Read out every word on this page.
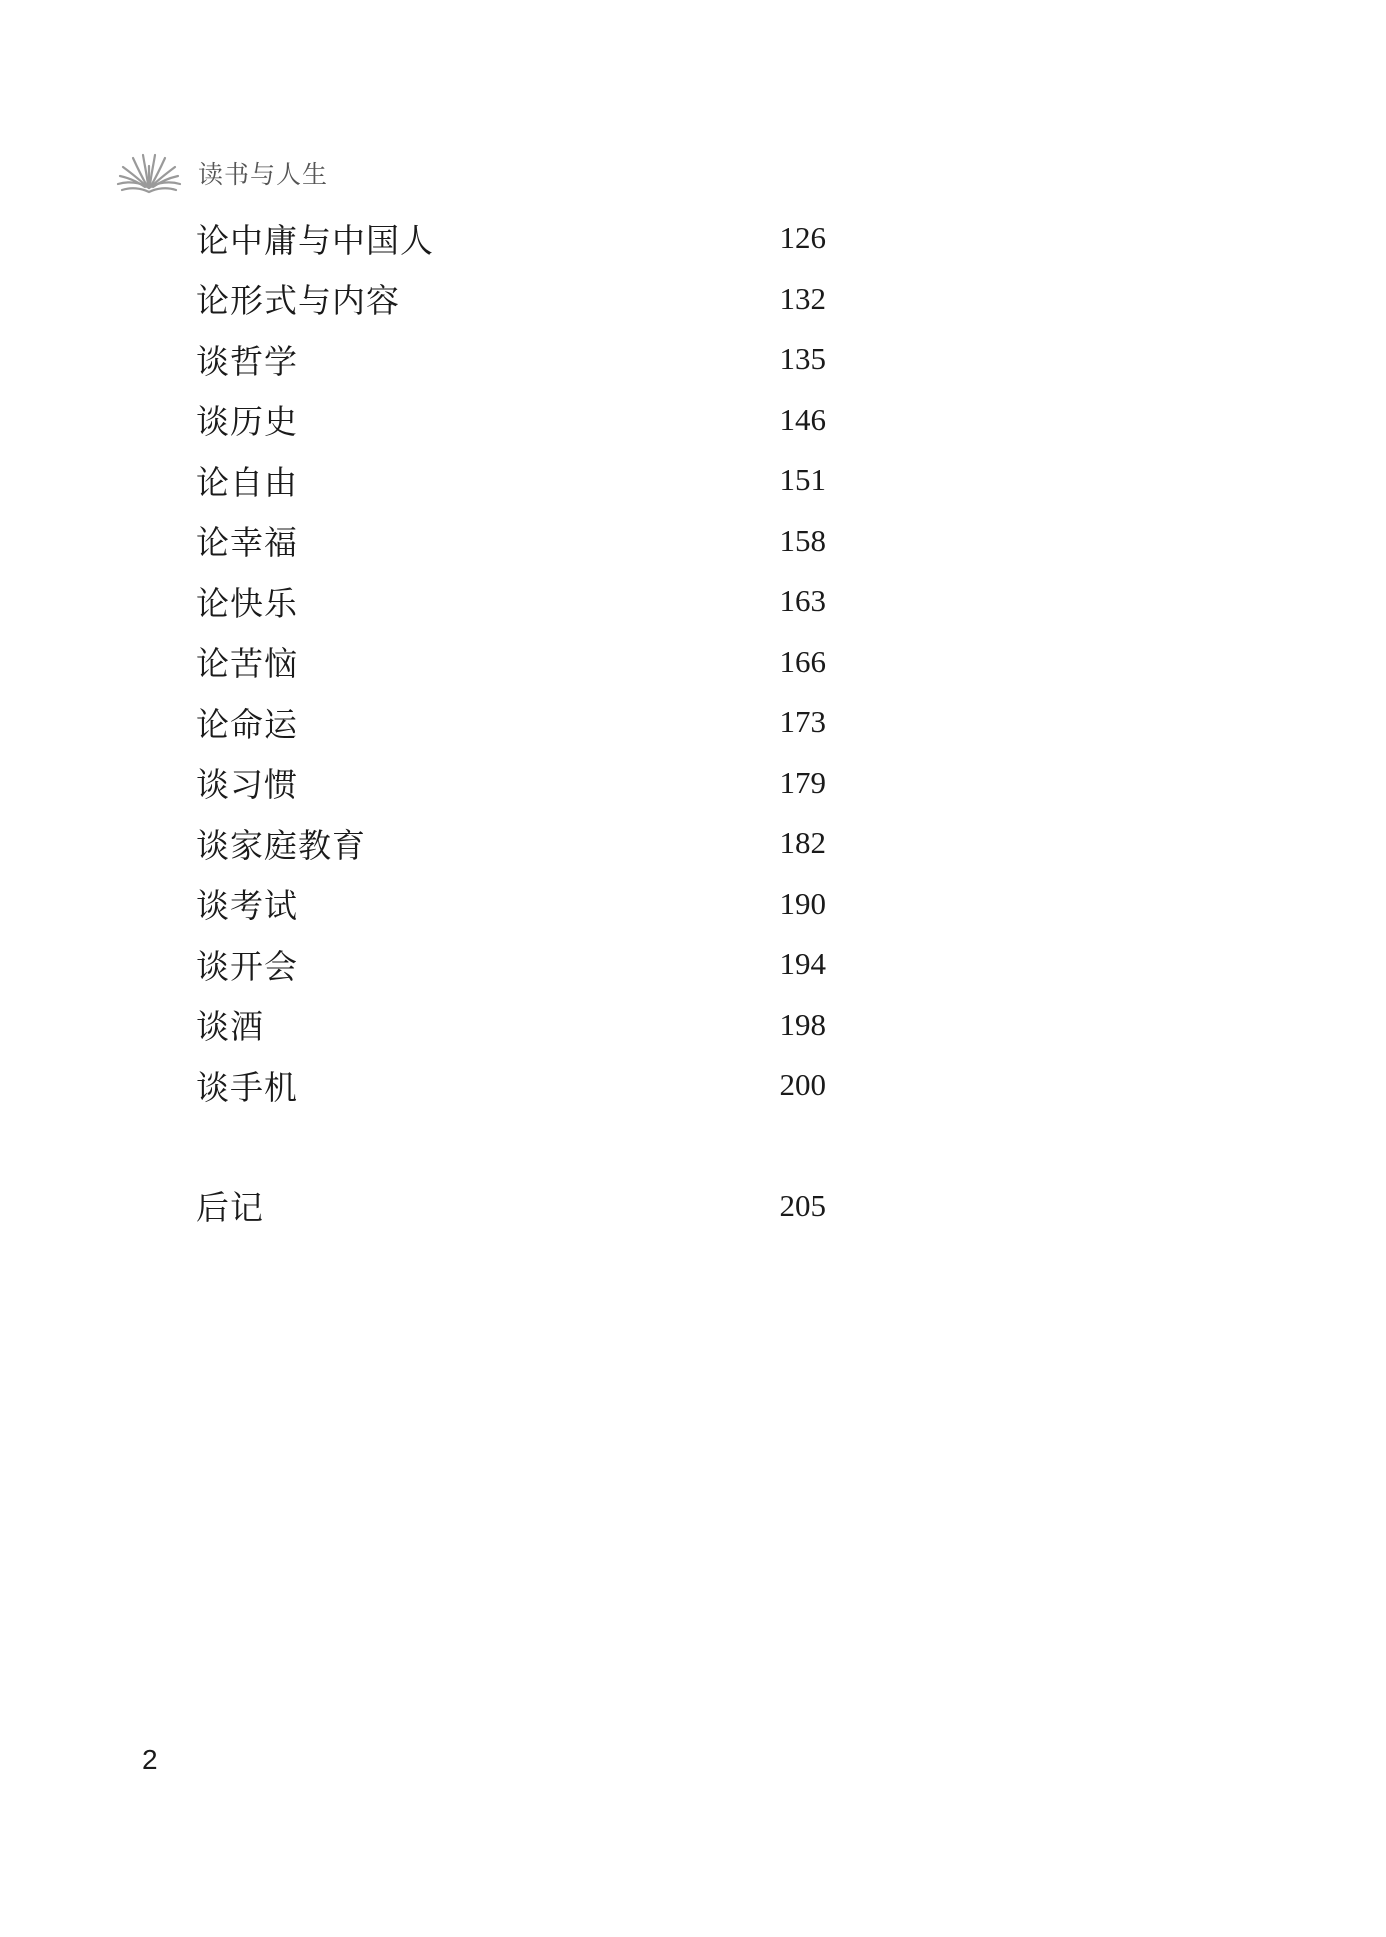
读书与人生
论中庸与中国人	126
论形式与内容	132
谈哲学	135
谈历史	146
论自由	151
论幸福	158
论快乐	163
论苦恼	166
论命运	173
谈习惯	179
谈家庭教育	182
谈考试	190
谈开会	194
谈酒	198
谈手机	200
后记	205
2
